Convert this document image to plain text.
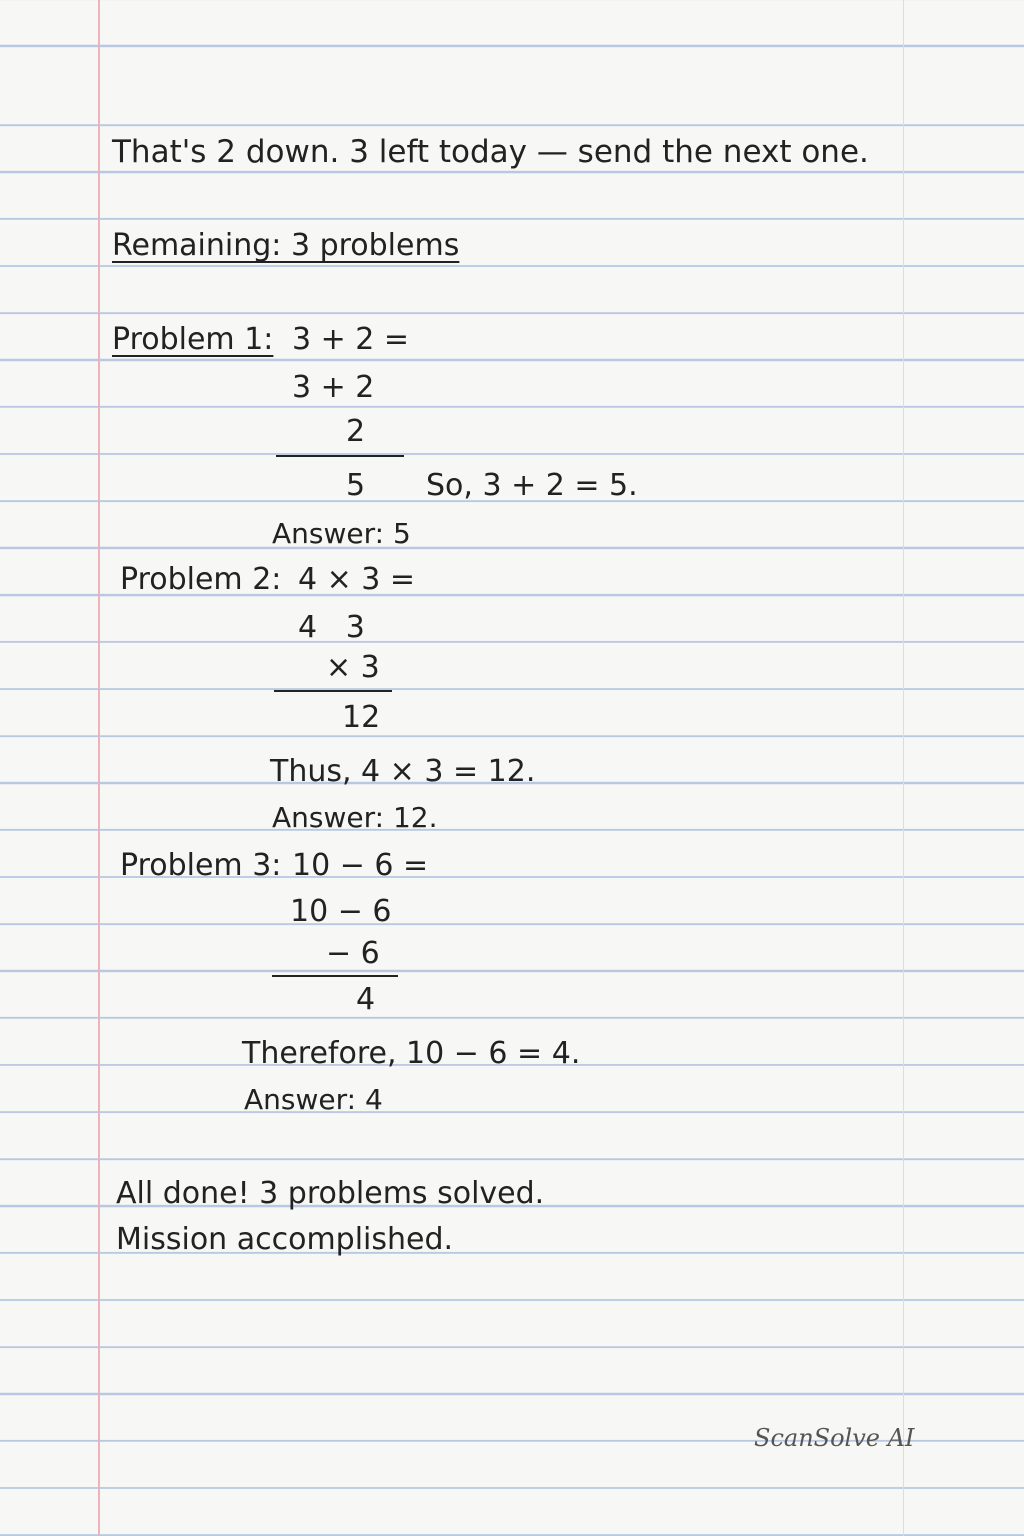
That's 2 down. 3 left today — send the next one.
Remaining: 3 problems
Problem 1: 3 + 2 =
3 + 2
2
5 So, 3 + 2 = 5.
Answer: 5
Problem 2: 4 × 3 =
4   3
× 3
12
Thus, 4 × 3 = 12.
Answer: 12.
Problem 3: 10 − 6 =
10 − 6
− 6
4
Therefore, 10 − 6 = 4.
Answer: 4
All done! 3 problems solved.
Mission accomplished.
ScanSolve AI
